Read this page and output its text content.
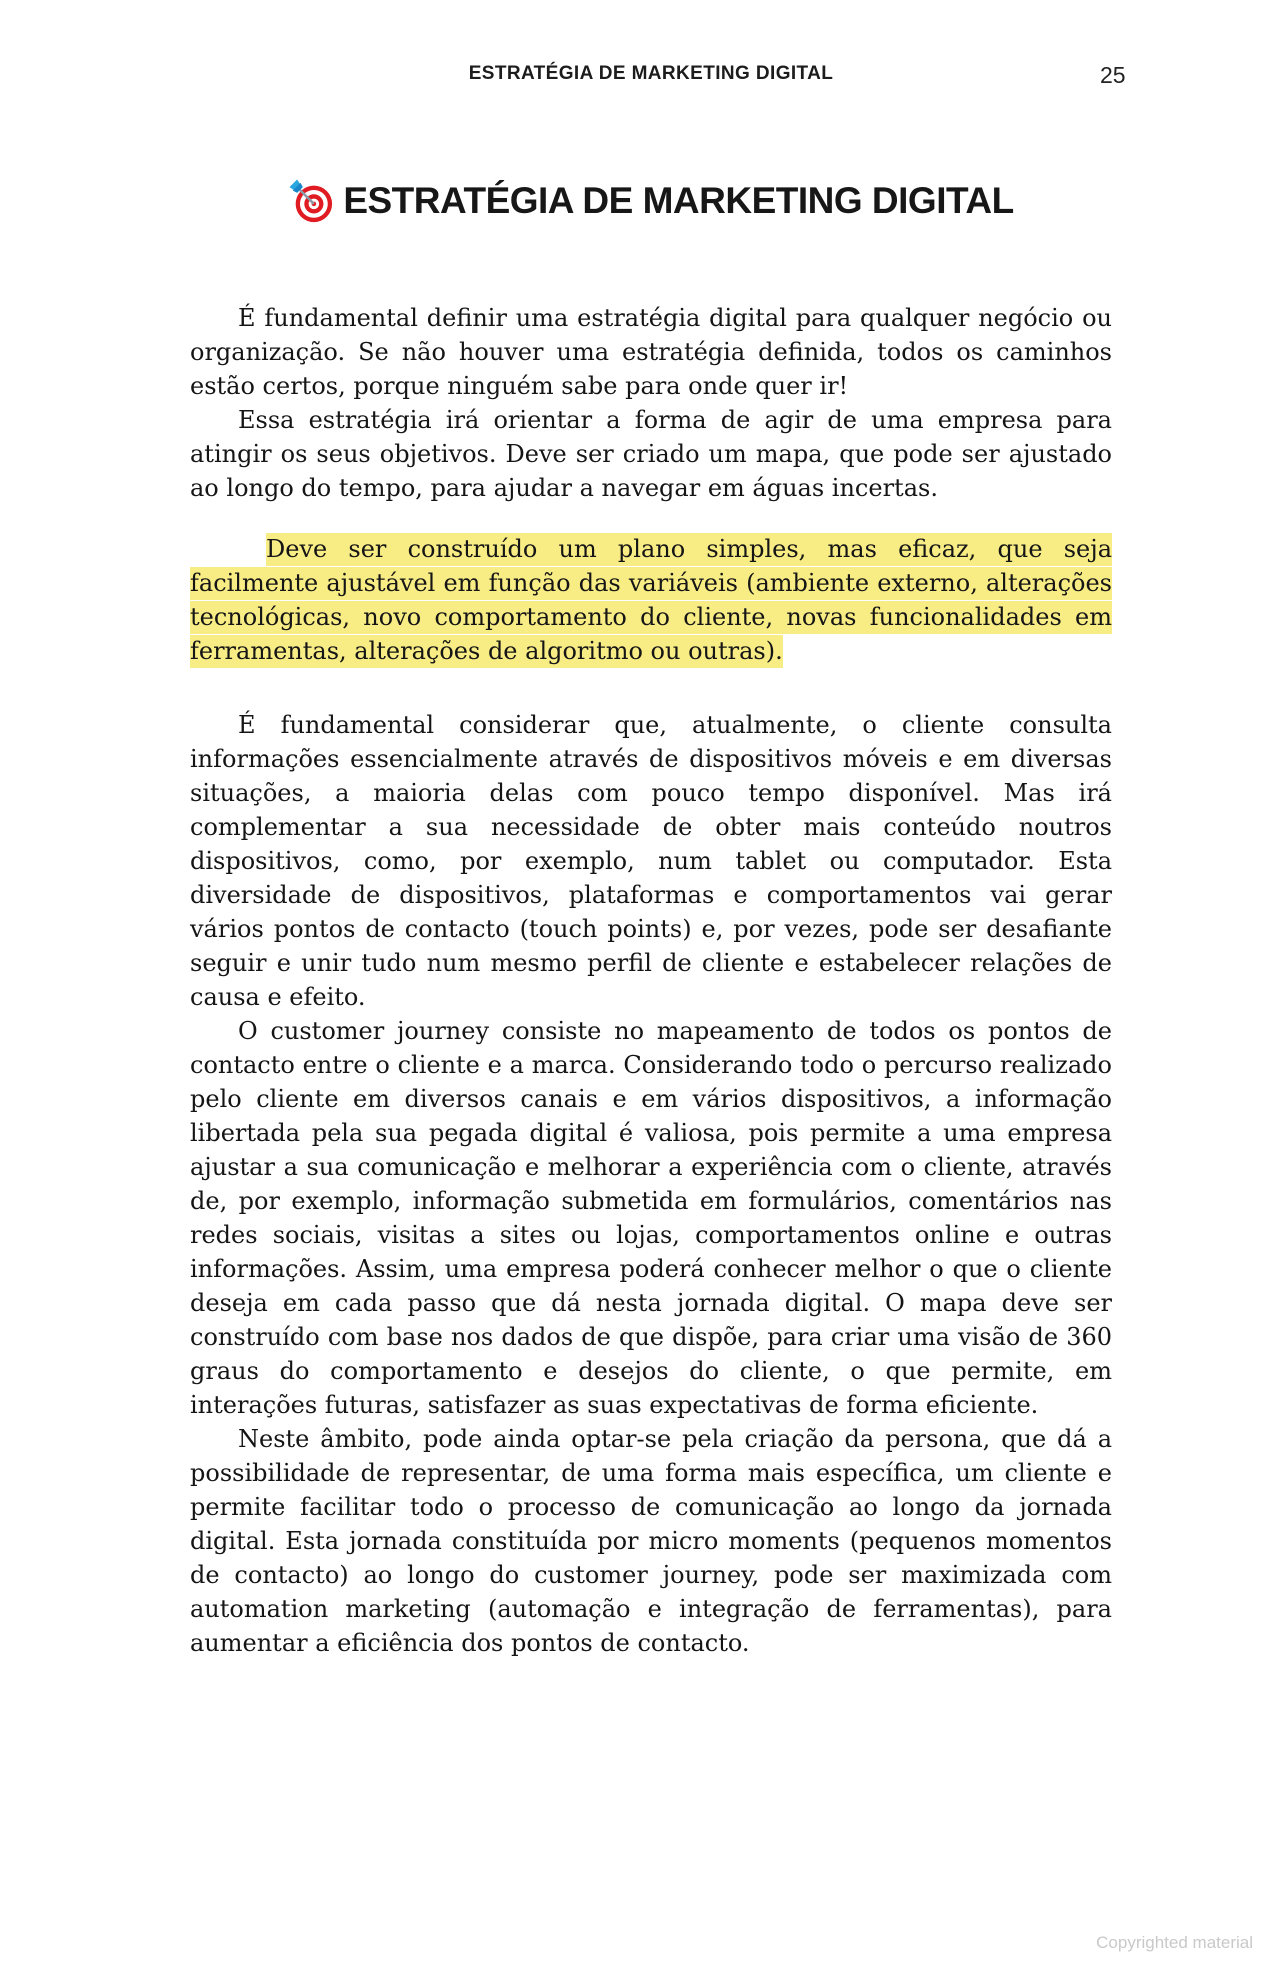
ESTRATÉGIA DE MARKETING DIGITAL	25
ESTRATÉGIA DE MARKETING DIGITAL

É fundamental definir uma estratégia digital para qualquer negócio ou organização. Se não houver uma estratégia definida, todos os caminhos estão certos, porque ninguém sabe para onde quer ir!

Essa estratégia irá orientar a forma de agir de uma empresa para atingir os seus objetivos. Deve ser criado um mapa, que pode ser ajustado ao longo do tempo, para ajudar a navegar em águas incertas.

Deve ser construído um plano simples, mas eficaz, que seja facilmente ajustável em função das variáveis (ambiente externo, alterações tecnológicas, novo comportamento do cliente, novas funcionalidades em ferramentas, alterações de algoritmo ou outras).

É fundamental considerar que, atualmente, o cliente consulta informações essencialmente através de dispositivos móveis e em diversas situações, a maioria delas com pouco tempo disponível. Mas irá complementar a sua necessidade de obter mais conteúdo noutros dispositivos, como, por exemplo, num tablet ou computador. Esta diversidade de dispositivos, plataformas e comportamentos vai gerar vários pontos de contacto (touch points) e, por vezes, pode ser desafiante seguir e unir tudo num mesmo perfil de cliente e estabelecer relações de causa e efeito.

O customer journey consiste no mapeamento de todos os pontos de contacto entre o cliente e a marca. Considerando todo o percurso realizado pelo cliente em diversos canais e em vários dispositivos, a informação libertada pela sua pegada digital é valiosa, pois permite a uma empresa ajustar a sua comunicação e melhorar a experiência com o cliente, através de, por exemplo, informação submetida em formulários, comentários nas redes sociais, visitas a sites ou lojas, comportamentos online e outras informações. Assim, uma empresa poderá conhecer melhor o que o cliente deseja em cada passo que dá nesta jornada digital. O mapa deve ser construído com base nos dados de que dispõe, para criar uma visão de 360 graus do comportamento e desejos do cliente, o que permite, em interações futuras, satisfazer as suas expectativas de forma eficiente.

Neste âmbito, pode ainda optar-se pela criação da persona, que dá a possibilidade de representar, de uma forma mais específica, um cliente e permite facilitar todo o processo de comunicação ao longo da jornada digital. Esta jornada constituída por micro moments (pequenos momentos de contacto) ao longo do customer journey, pode ser maximizada com automation marketing (automação e integração de ferramentas), para aumentar a eficiência dos pontos de contacto.

Copyrighted material
